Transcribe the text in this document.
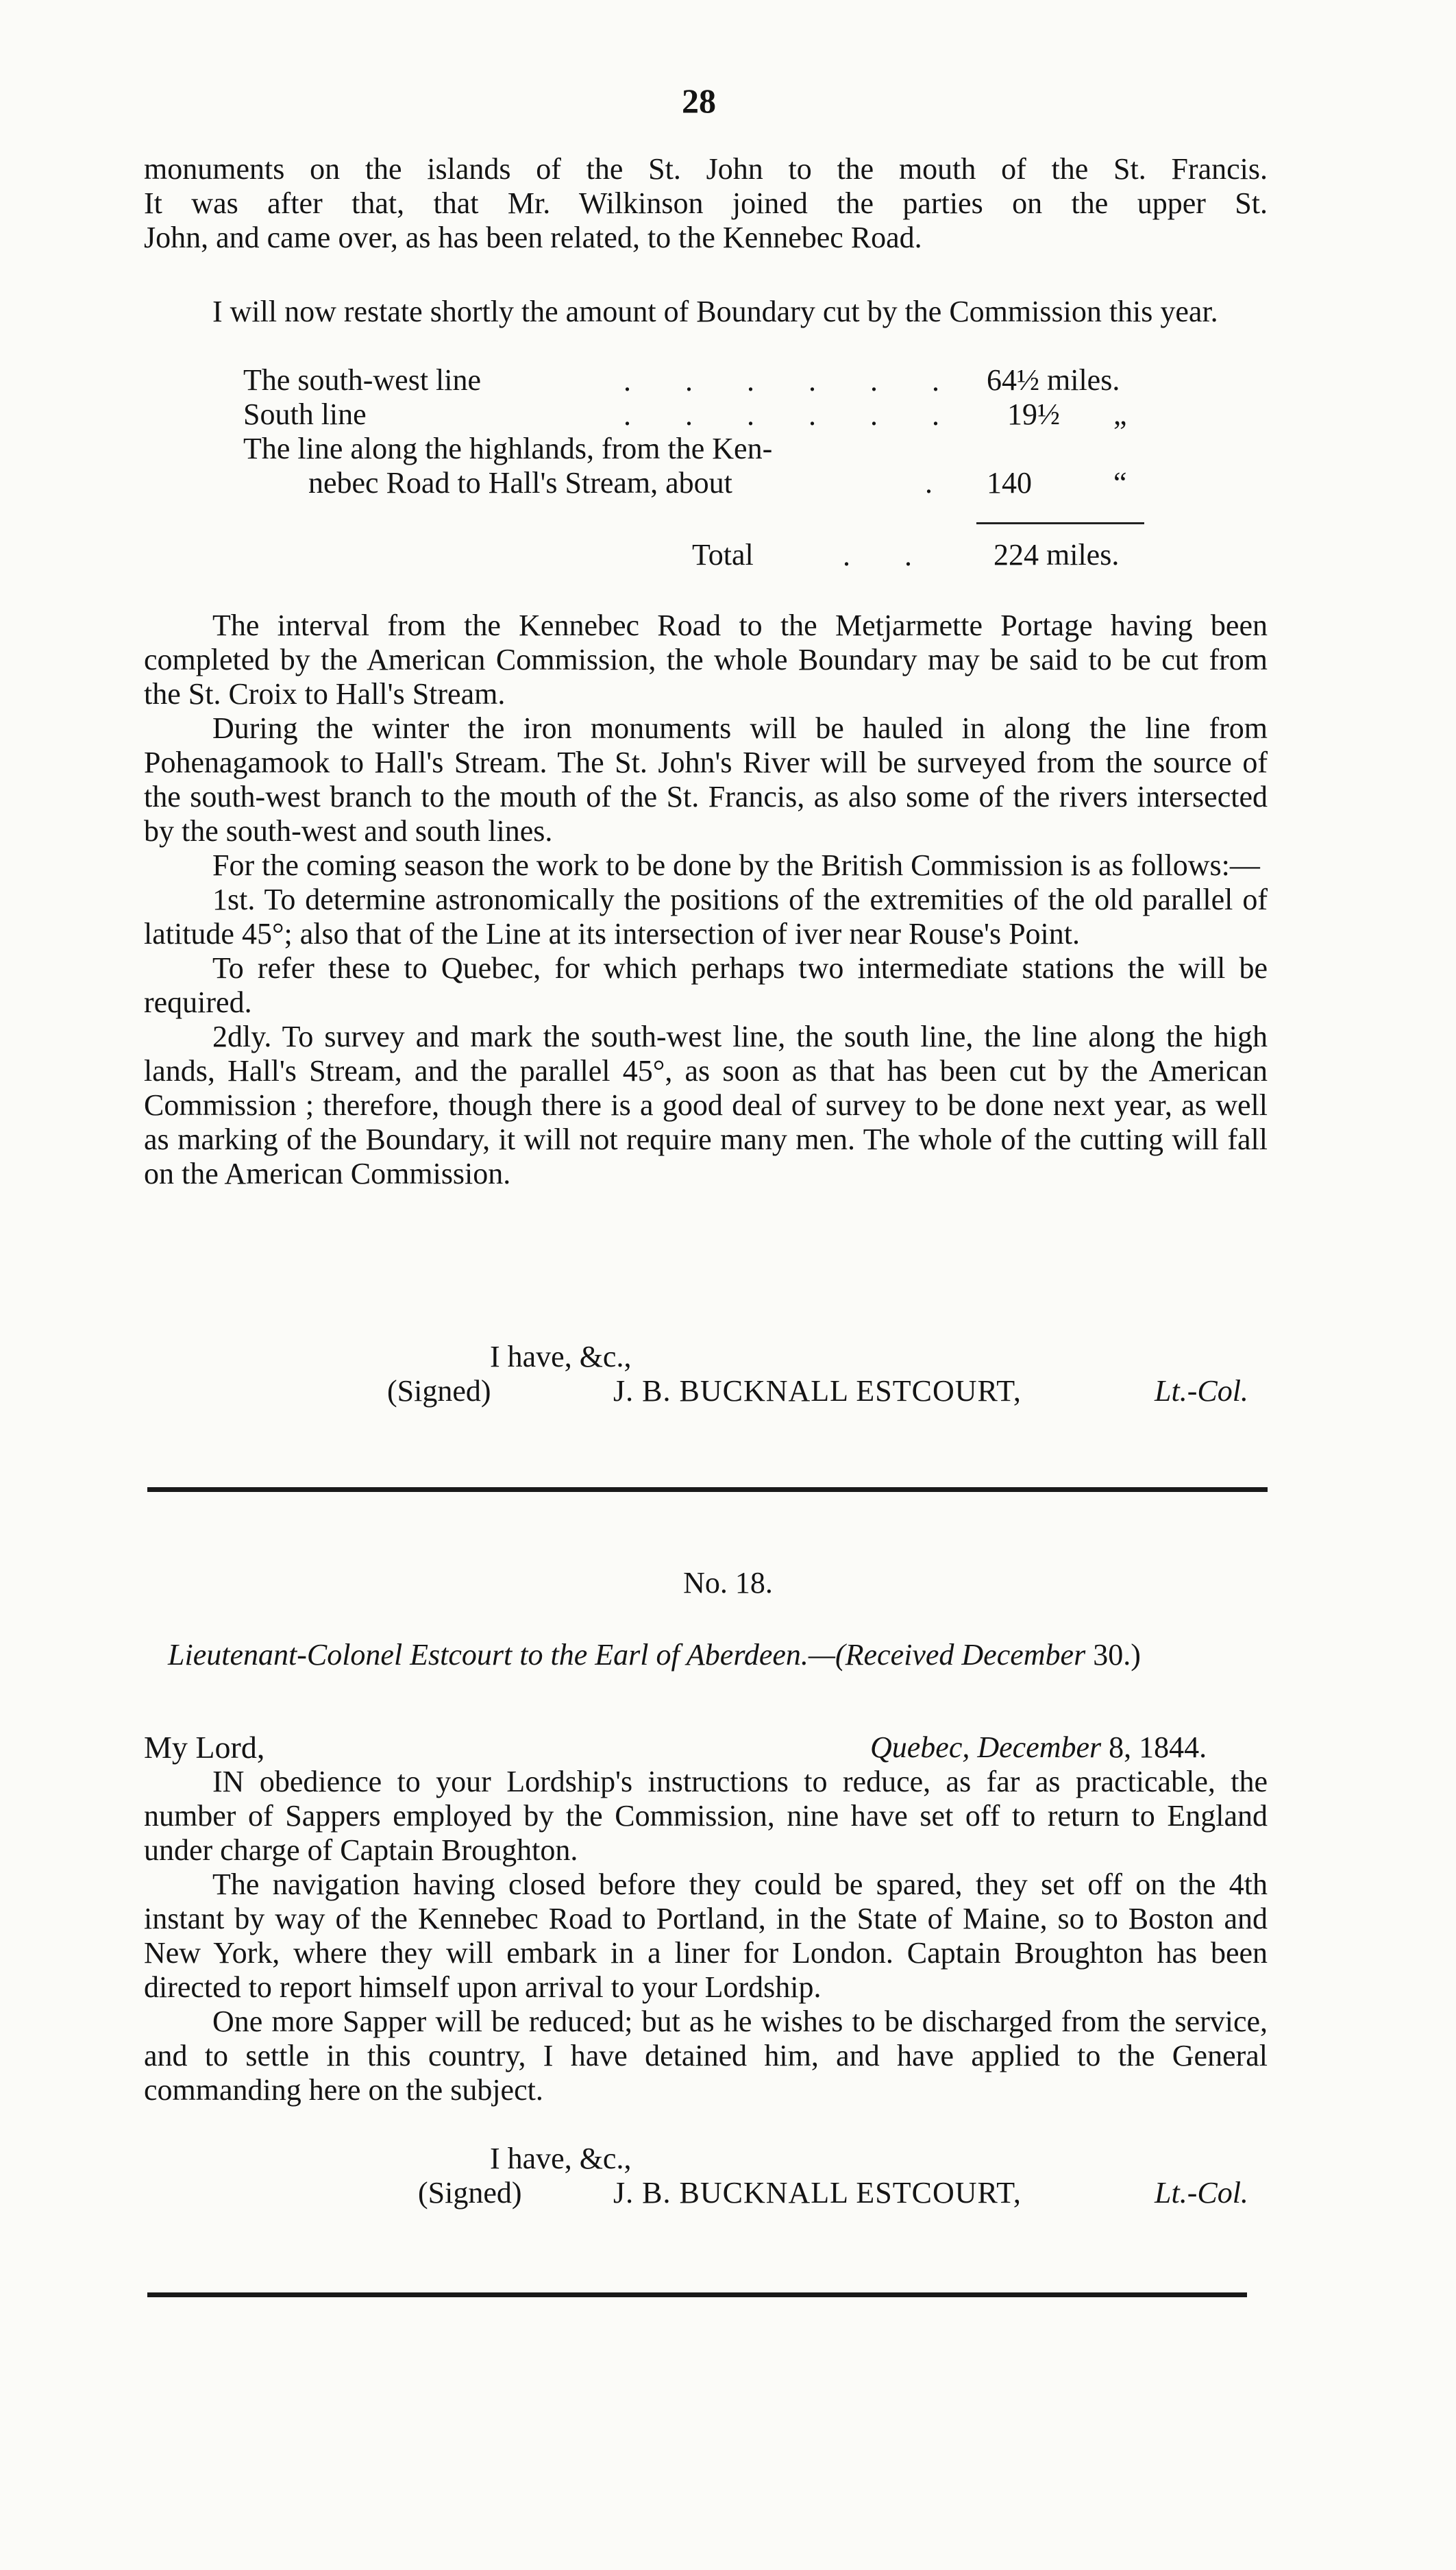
28

monuments on the islands of the St. John to the mouth of the St. Francis.

It was after that, that Mr. Wilkinson joined the parties on the upper St.

John, and came over, as has been related, to the Kennebec Road.

I will now restate shortly the amount of Boundary cut by the Commission this year.

The south-west line	. . . . . . 64½ miles.
South line	. . . . . . 19½ „
The line along the highlands, from the Ken-
nebec Road to Hall's Stream, about	. 140	“
Total	. . 224 miles.

The interval from the Kennebec Road to the Metjarmette Portage having been completed by the American Commission, the whole Boundary may be said to be cut from the St. Croix to Hall's Stream.

During the winter the iron monuments will be hauled in along the line from Pohenagamook to Hall's Stream. The St. John's River will be surveyed from the source of the south-west branch to the mouth of the St. Francis, as also some of the rivers intersected by the south-west and south lines.

For the coming season the work to be done by the British Commission is as follows:—

1st. To determine astronomically the positions of the extremities of the old parallel of latitude 45°; also that of the Line at its intersection of iver near Rouse's Point.

To refer these to Quebec, for which perhaps two intermediate stations the will be required.

2dly. To survey and mark the south-west line, the south line, the line along the high lands, Hall's Stream, and the parallel 45°, as soon as that has been cut by the American Commission ; therefore, though there is a good deal of survey to be done next year, as well as marking of the Boundary, it will not require many men. The whole of the cutting will fall on the American Commission.

I have, &c.,
(Signed)	J. B. BUCKNALL ESTCOURT,	Lt.-Col.
No. 18.
Lieutenant-Colonel Estcourt to the Earl of Aberdeen.—(Received December 30.)
My Lord,	Quebec, December 8, 1844.

IN obedience to your Lordship's instructions to reduce, as far as practicable, the number of Sappers employed by the Commission, nine have set off to return to England under charge of Captain Broughton.

The navigation having closed before they could be spared, they set off on the 4th instant by way of the Kennebec Road to Portland, in the State of Maine, so to Boston and New York, where they will embark in a liner for London. Captain Broughton has been directed to report himself upon arrival to your Lordship.

One more Sapper will be reduced; but as he wishes to be discharged from the service, and to settle in this country, I have detained him, and have applied to the General commanding here on the subject.

I have, &c.,
(Signed)	J. B. BUCKNALL ESTCOURT,	Lt.-Col.
